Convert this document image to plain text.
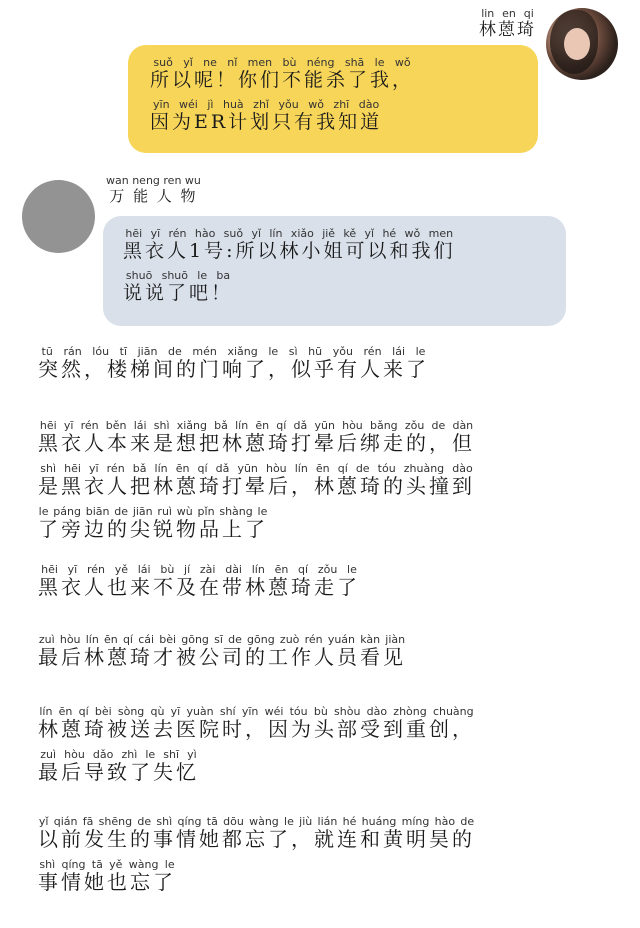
林蒽琦lin en qi

所以呢！你们不能杀了我，suǒ yǐ ne nǐ men bù néng shā le wǒ

因为ER计划只有我知道yīn wéi jì huà zhǐ yǒu wǒ zhī dào

万能人物wan neng ren wu

黑衣人1号:所以林小姐可以和我们hēi yī rén hào suǒ yǐ lín xiǎo jiě kě yǐ hé wǒ men

说说了吧！shuō shuō le ba

突然，楼梯间的门响了，似乎有人来了tū rán lóu tī jiān de mén xiǎng le sì hū yǒu rén lái le
黑衣人本来是想把林蒽琦打晕后绑走的，但hēi yī rén běn lái shì xiǎng bǎ lín ēn qí dǎ yūn hòu bǎng zǒu de dàn
是黑衣人把林蒽琦打晕后，林蒽琦的头撞到shì hēi yī rén bǎ lín ēn qí dǎ yūn hòu lín ēn qí de tóu zhuàng dào
了旁边的尖锐物品上了le páng biān de jiān ruì wù pǐn shàng le
黑衣人也来不及在带林蒽琦走了hēi yī rén yě lái bù jí zài dài lín ēn qí zǒu le
最后林蒽琦才被公司的工作人员看见zuì hòu lín ēn qí cái bèi gōng sī de gōng zuò rén yuán kàn jiàn
林蒽琦被送去医院时，因为头部受到重创，lín ēn qí bèi sòng qù yī yuàn shí yīn wéi tóu bù shòu dào zhòng chuàng
最后导致了失忆zuì hòu dǎo zhì le shī yì
以前发生的事情她都忘了，就连和黄明昊的yǐ qián fā shēng de shì qíng tā dōu wàng le jiù lián hé huáng míng hào de
事情她也忘了shì qíng tā yě wàng le
